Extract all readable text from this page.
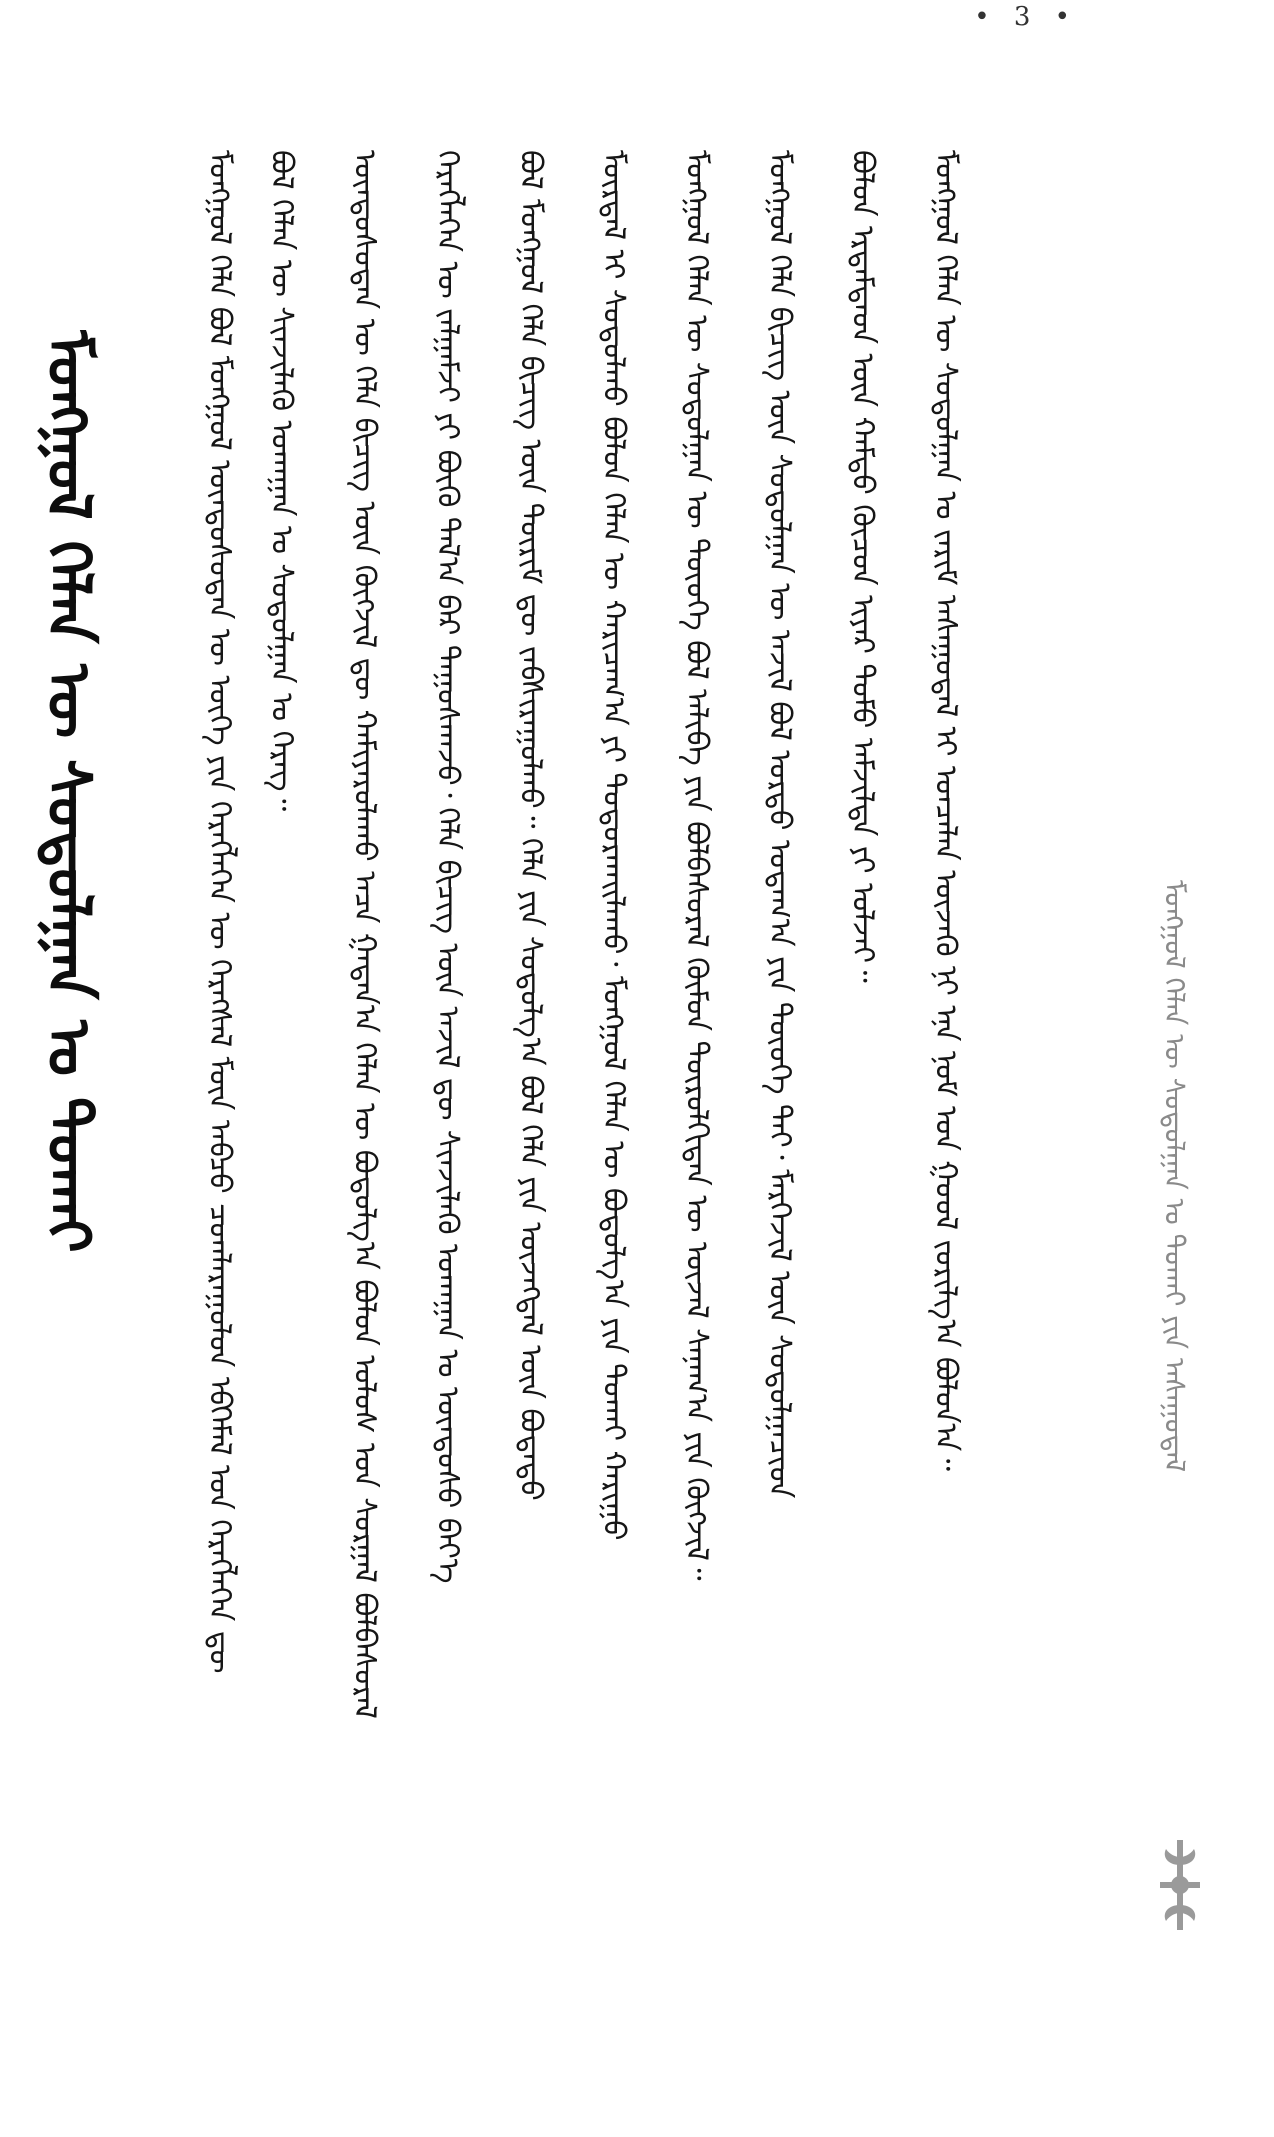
• 3 •
ᠮᠣᠩᠭᠣᠯ ᠬᠡᠯᠡᠨ ᠦ ᠰᠤᠳᠤᠯᠭᠠᠨ ᠤ ᠲᠤᠬᠠᠢ	ᠮᠣᠩᠭᠣᠯ ᠬᠡᠯᠡ ᠪᠣᠯ ᠮᠣᠩᠭᠣᠯ ᠦᠨᠳᠦᠰᠦᠲᠡᠨ ᠦ ᠦᠭᠡ ᠶᠢᠨ ᠬᠡᠷᠡᠭᠯᠡᠭᠡᠨ ᠦ ᠬᠡᠷᠡᠭᠰᠡᠯ ᠮᠥᠨ ᠠᠪᠴᠤ ᠴᠤᠭᠯᠠᠷᠠᠭᠤᠯᠤᠨ ᠡᠪᠬᠡᠮᠡᠯ ᠤᠨ ᠬᠡᠷᠡᠭᠯᠡᠭᠡᠨ ᠳᠦ ᠪᠣᠯ ᠬᠡᠯᠡᠨ ᠦ ᠰᠢᠨᠵᠢᠯᠡᠬᠦ ᠤᠬᠠᠭᠠᠨ ᠤ ᠰᠤᠳᠤᠯᠭᠠᠨ ᠤ ᠬᠡᠷᠡᠭ᠃ ᠦᠨᠳᠦᠰᠦᠲᠡᠨ ᠦ ᠬᠡᠯᠡ ᠪᠢᠴᠢᠭ ᠦᠨ ᠬᠦᠭᠵᠢᠯ ᠳᠦ ᠬᠠᠮᠢᠶᠠᠷᠤᠯᠠᠬᠤ ᠠᠴᠠ ᠭᠠᠳᠠᠨ᠎ᠠ ᠬᠡᠯᠡᠨ ᠦ ᠪᠣᠳᠣᠯᠭ᠎ᠠ ᠪᠣᠯᠤᠨ ᠤᠯᠤᠰ ᠤᠨ ᠰᠤᠷᠭᠠᠯ ᠪᠣᠯᠪᠠᠰᠤᠷᠠᠯ ᠬᠡᠷᠡᠭᠯᠡᠭᠡᠨ ᠦ ᠵᠠᠯᠭᠠᠮᠵᠢ ᠶᠢ ᠪᠦᠬᠦ ᠲᠠᠯ᠎ᠠ ᠪᠡᠷ ᠳᠠᠭᠤᠰᠬᠠᠵᠤ᠂ ᠬᠡᠯᠡ ᠪᠢᠴᠢᠭ ᠦᠨ ᠠᠵᠢᠯ ᠳᠦ ᠰᠢᠨᠵᠢᠯᠡᠬᠦ ᠤᠬᠠᠭᠠᠨ ᠤ ᠦᠨᠳᠦᠰᠦ ᠪᠡᠶ᠎ᠡ ᠪᠣᠯ ᠮᠣᠩᠭᠣᠯ ᠬᠡᠯᠡ ᠪᠢᠴᠢᠭ ᠦᠨ ᠳᠦᠷᠢᠮ ᠳᠦ ᠵᠠᠪᠰᠢᠷᠠᠭᠤᠯᠬᠤ᠃ ᠬᠡᠯᠡ ᠶᠢᠨ ᠰᠤᠳᠤᠯᠭ᠎ᠠ ᠪᠣᠯ ᠬᠡᠯᠡ ᠶᠢᠨ ᠦᠵᠡᠭᠳᠡᠯ ᠦᠨ ᠪᠣᠳᠠᠳᠤ ᠮᠥᠷᠳᠡᠯ ᠢ ᠰᠤᠳᠤᠯᠬᠤ ᠪᠣᠯᠤᠨ ᠬᠡᠯᠡᠨ ᠦ ᠬᠠᠷᠢᠴᠠᠭ᠎ᠠ ᠶᠢ ᠲᠣᠳᠤᠷᠬᠠᠢᠯᠠᠬᠤ᠂ ᠮᠣᠩᠭᠣᠯ ᠬᠡᠯᠡᠨ ᠦ ᠪᠣᠳᠣᠯᠭ᠎ᠠ ᠶᠢᠨ ᠲᠤᠬᠠᠢ ᠬᠠᠷᠢᠭᠤ ᠮᠣᠩᠭᠣᠯ ᠬᠡᠯᠡᠨ ᠦ ᠰᠤᠳᠤᠯᠭᠠᠨ ᠦ ᠲᠦᠦᠬᠡ ᠪᠣᠯ ᠠᠯᠢᠪᠠ ᠶᠢᠨ ᠪᠣᠯᠪᠠᠰᠤᠷᠠᠯ ᠬᠦᠮᠦᠨ ᠲᠥᠷᠦᠯᠬᠢᠲᠡᠨ ᠦ ᠦᠵᠡᠯ ᠰᠠᠨᠠᠭ᠎ᠠ ᠶᠢᠨ ᠬᠥᠭᠵᠢᠯ᠃ ᠮᠣᠩᠭᠣᠯ ᠬᠡᠯᠡ ᠪᠢᠴᠢᠭ ᠦᠨ ᠰᠤᠳᠤᠯᠭᠠᠨ ᠦ ᠠᠵᠢᠯ ᠪᠣᠯ ᠤᠷᠲᠤ ᠤᠳᠠᠭ᠎ᠠ ᠶᠢᠨ ᠲᠦᠦᠬᠡ ᠲᠠᠢ᠂ ᠮᠡᠷᠭᠡᠵᠢᠯ ᠦᠨ ᠰᠤᠳᠤᠯᠭᠠᠴᠢᠳ ᠪᠣᠯᠤᠨ ᠡᠷᠳᠡᠮᠲᠡᠳ ᠦᠨ ᠬᠠᠮᠲᠤ ᠬᠦᠴᠦᠨ ᠢᠶᠡᠷ ᠲᠣᠮᠣ ᠠᠮᠵᠢᠯᠲᠠ ᠶᠢ ᠣᠯᠵᠠᠢ᠃ ᠮᠣᠩᠭᠣᠯ ᠬᠡᠯᠡᠨ ᠦ ᠰᠤᠳᠤᠯᠭᠠᠨ ᠤ ᠵᠠᠷᠢᠮ ᠠᠰᠠᠭᠤᠳᠠᠯ ᠢ ᠣᠨᠴᠠᠯᠠᠨ ᠦᠵᠡᠬᠦ ᠨᠢ ᠡᠨᠡ ᠨᠣᠮ ᠤᠨ ᠭᠣᠣᠯ ᠵᠣᠷᠢᠯᠭ᠎ᠠ ᠪᠣᠯᠤᠨ᠎ᠠ᠃	ᠮᠣᠩᠭᠣᠯ ᠬᠡᠯᠡᠨ ᠦ ᠰᠤᠳᠤᠯᠭᠠᠨ ᠤ ᠲᠤᠬᠠᠢ ᠶᠢᠨ ᠠᠰᠠᠭᠤᠳᠠᠯ
